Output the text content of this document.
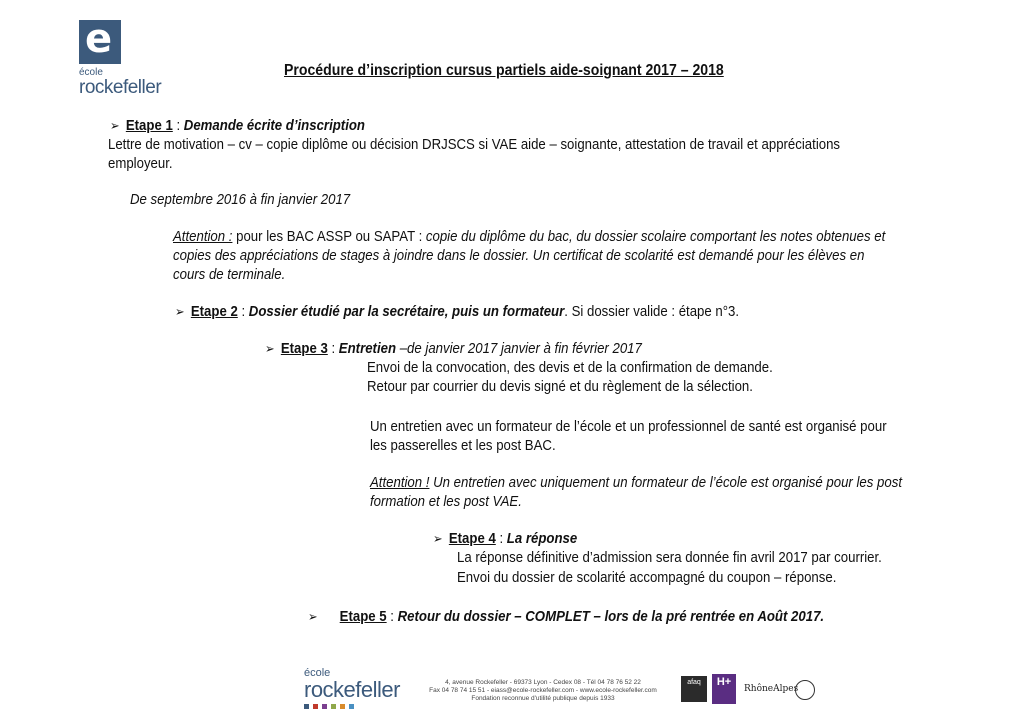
e
école
rockefeller
Procédure d’inscription cursus partiels aide-soignant 2017 – 2018
➢ Etape 1 : Demande écrite d’inscription
Lettre de motivation – cv – copie diplôme ou décision DRJSCS si VAE aide – soignante, attestation de travail et appréciations
employeur.
De septembre 2016 à fin janvier 2017
Attention : pour les BAC ASSP ou SAPAT : copie du diplôme du bac, du dossier scolaire comportant les notes obtenues et
copies des appréciations de stages à joindre dans le dossier. Un certificat de scolarité est demandé pour les élèves en
cours de terminale.
➢ Etape 2 : Dossier étudié par la secrétaire, puis un formateur. Si dossier valide : étape n°3.
➢ Etape 3 : Entretien –de janvier 2017 janvier à fin février 2017
Envoi de la convocation, des devis et de la confirmation de demande.
Retour par courrier du devis signé et du règlement de la sélection.
Un entretien avec un formateur de l’école et un professionnel de santé est organisé pour
les passerelles et les post BAC.
Attention ! Un entretien avec uniquement un formateur de l’école est organisé pour les post
formation et les post VAE.
➢ Etape 4 : La réponse
La réponse définitive d’admission sera donnée fin avril 2017 par courrier.
Envoi du dossier de scolarité accompagné du coupon – réponse.
➢ Etape 5 : Retour du dossier – COMPLET – lors de la pré rentrée en Août 2017.
école
rockefeller	4, avenue Rockefeller - 69373 Lyon - Cedex 08 - Tél 04 78 76 52 22
Fax 04 78 74 15 51 - eiass@ecole-rockefeller.com - www.ecole-rockefeller.com
Fondation reconnue d'utilité publique depuis 1933
afaq	H+
RhôneAlpes
